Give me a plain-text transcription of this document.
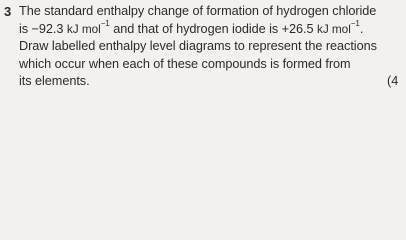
3 The standard enthalpy change of formation of hydrogen chloride
is −92.3 kJ mol$^{-1}$ and that of hydrogen iodide is +26.5 kJ mol$^{-1}$.
Draw labelled enthalpy level diagrams to represent the reactions
which occur when each of these compounds is formed from
its elements.	(4
